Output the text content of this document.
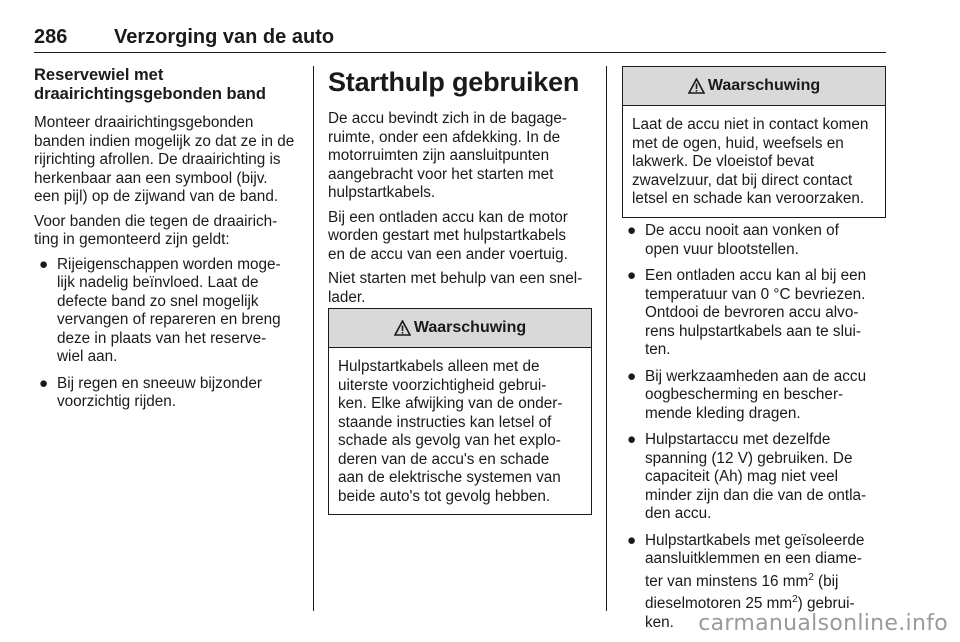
286 Verzorging van de auto
Reservewiel met
draairichtingsgebonden band

Monteer draairichtingsgebonden
banden indien mogelijk zo dat ze in de
rijrichting afrollen. De draairichting is
herkenbaar aan een symbool (bijv.
een pijl) op de zijwand van de band.

Voor banden die tegen de draairich-
ting in gemonteerd zijn geldt:

● Rijeigenschappen worden moge-
lijk nadelig beïnvloed. Laat de
defecte band zo snel mogelijk
vervangen of repareren en breng
deze in plaats van het reserve-
wiel aan.
● Bij regen en sneeuw bijzonder
voorzichtig rijden.
Starthulp gebruiken

De accu bevindt zich in de bagage-
ruimte, onder een afdekking. In de
motorruimten zijn aansluitpunten
aangebracht voor het starten met
hulpstartkabels.

Bij een ontladen accu kan de motor
worden gestart met hulpstartkabels
en de accu van een ander voertuig.

Niet starten met behulp van een snel-
lader.

Waarschuwing
Hulpstartkabels alleen met de
uiterste voorzichtigheid gebrui-
ken. Elke afwijking van de onder-
staande instructies kan letsel of
schade als gevolg van het explo-
deren van de accu's en schade
aan de elektrische systemen van
beide auto's tot gevolg hebben.
Waarschuwing
Laat de accu niet in contact komen
met de ogen, huid, weefsels en
lakwerk. De vloeistof bevat
zwavelzuur, dat bij direct contact
letsel en schade kan veroorzaken.
● De accu nooit aan vonken of
open vuur blootstellen.
● Een ontladen accu kan al bij een
temperatuur van 0 °C bevriezen.
Ontdooi de bevroren accu alvo-
rens hulpstartkabels aan te slui-
ten.
● Bij werkzaamheden aan de accu
oogbescherming en bescher-
mende kleding dragen.
● Hulpstartaccu met dezelfde
spanning (12 V) gebruiken. De
capaciteit (Ah) mag niet veel
minder zijn dan die van de ontla-
den accu.
● Hulpstartkabels met geïsoleerde
aansluitklemmen en een diame-
ter van minstens 16 $mm^2$ (bij
dieselmotoren 25 $mm^2$) gebrui-
ken.	carmanualsonline.info
